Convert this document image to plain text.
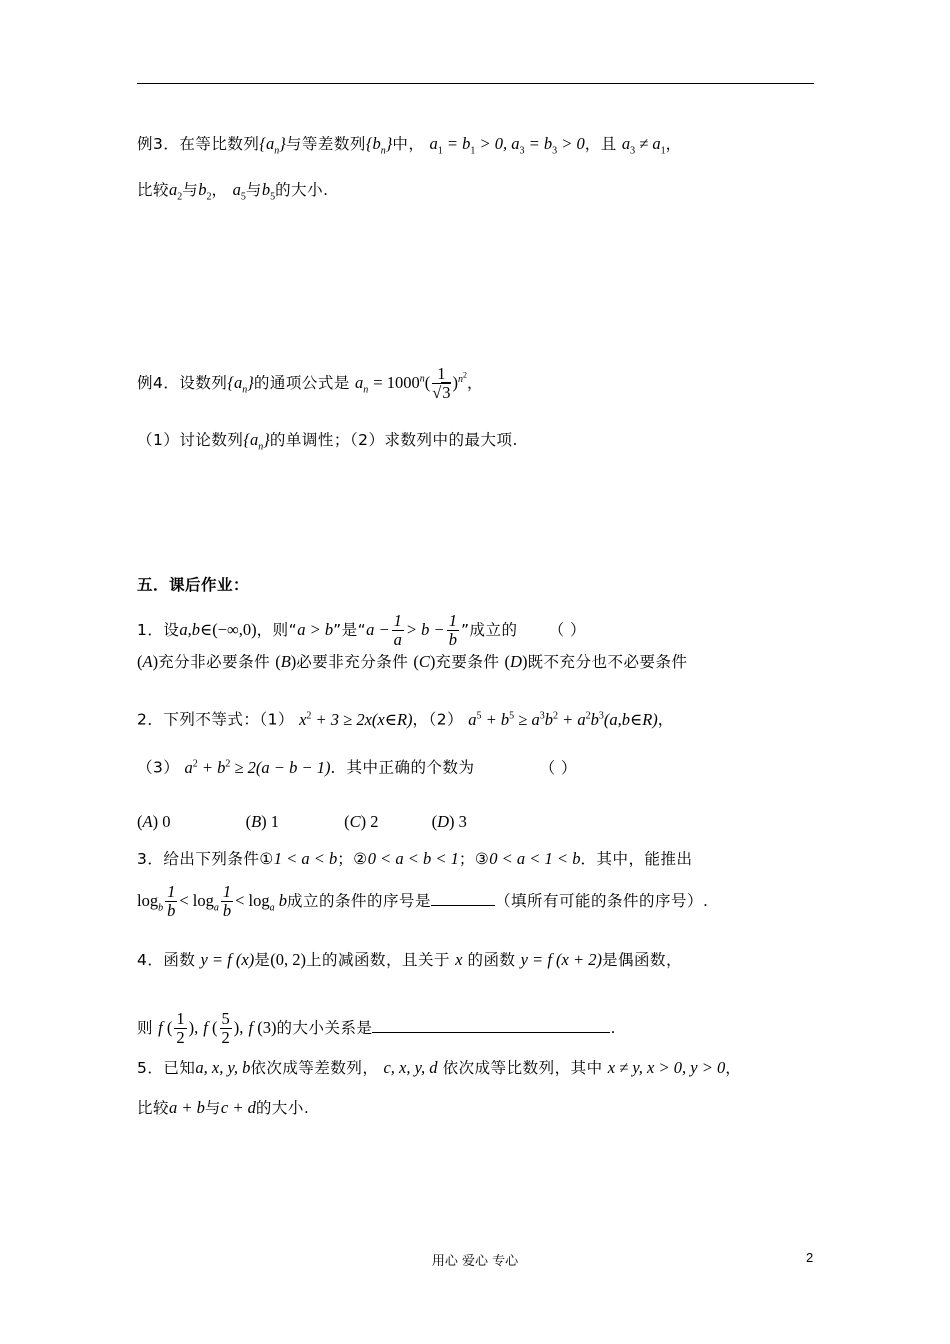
例3．在等比数列$\{a_n\}$与等差数列$\{b_n\}$中， $a_1 = b_1 > 0$, $a_3 = b_3 > 0$，且 $a_3 \ne a_1$，
比较$a_2$与$b_2$， $a_5$与$b_5$的大小.
例4．设数列$\{a_n\}$的通项公式是 $a_n = 1000^n( \frac{1}{√3} )^{n^2}$，
（1）讨论数列$\{a_n\}$的单调性；（2）求数列中的最大项.
五．课后作业：
1．设a,b∈(−∞,0)，则“a > b”是“$a - \frac{1}{a} > b - \frac{1}{b}$ ”成立的 （ ）
(A)充分非必要条件 (B)必要非充分条件 (C)充要条件 (D)既不充分也不必要条件
2．下列不等式：（1） $x^2 + 3$ ≥ 2x(x∈R)，（2） $a^5 + b^5 \ge a^3b^2$ + $a^2b^3(a,b\in R)$，
（3） $a^2 + b^2 \ge 2(a - b - 1)$．其中正确的个数为	（ ）
(A) 0	(B) 1	(C) 2	(D) 3
3．给出下列条件①1 < a < b；②0 < a < b < 1；③0 < a < 1 < b．其中，能推出
$\log_b \frac{1}{b} < \log_a \frac{1}{b} < \log_a b$成立的条件的序号是	（填所有可能的条件的序号）.
4．函数 y = f (x)是(0, 2)上的减函数，且关于 x 的函数 y = f (x + 2)是偶函数，
则 f ( $\frac{1}{2}$ ), f ( $\frac{5}{2}$ ), f (3)的大小关系是	.
5．已知a, x, y, b依次成等差数列， c, x, y, d 依次成等比数列，其中 x ≠ y, x > 0, y > 0，
比较a + b与c + d的大小.
用心 爱心 专心	2
